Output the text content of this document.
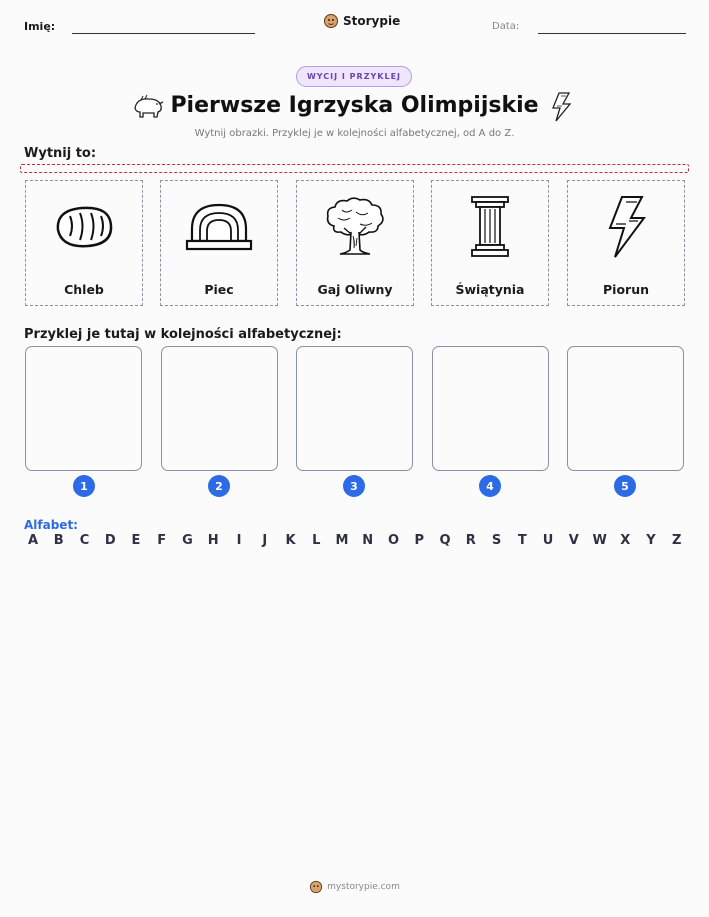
Imię:	Storypie	Data:
WYCIJ I PRZYKLEJ
Pierwsze Igrzyska Olimpijskie
Wytnij obrazki. Przyklej je w kolejności alfabetycznej, od A do Z.
Wytnij to:
Chleb	Piec	Gaj Oliwny	Świątynia	Piorun
Przyklej je tutaj w kolejności alfabetycznej:
1	2	3	4	5
Alfabet:
A B C D E F G H	I	J	K L M N O P Q R S T U V W X Y Z
mystorypie.com
